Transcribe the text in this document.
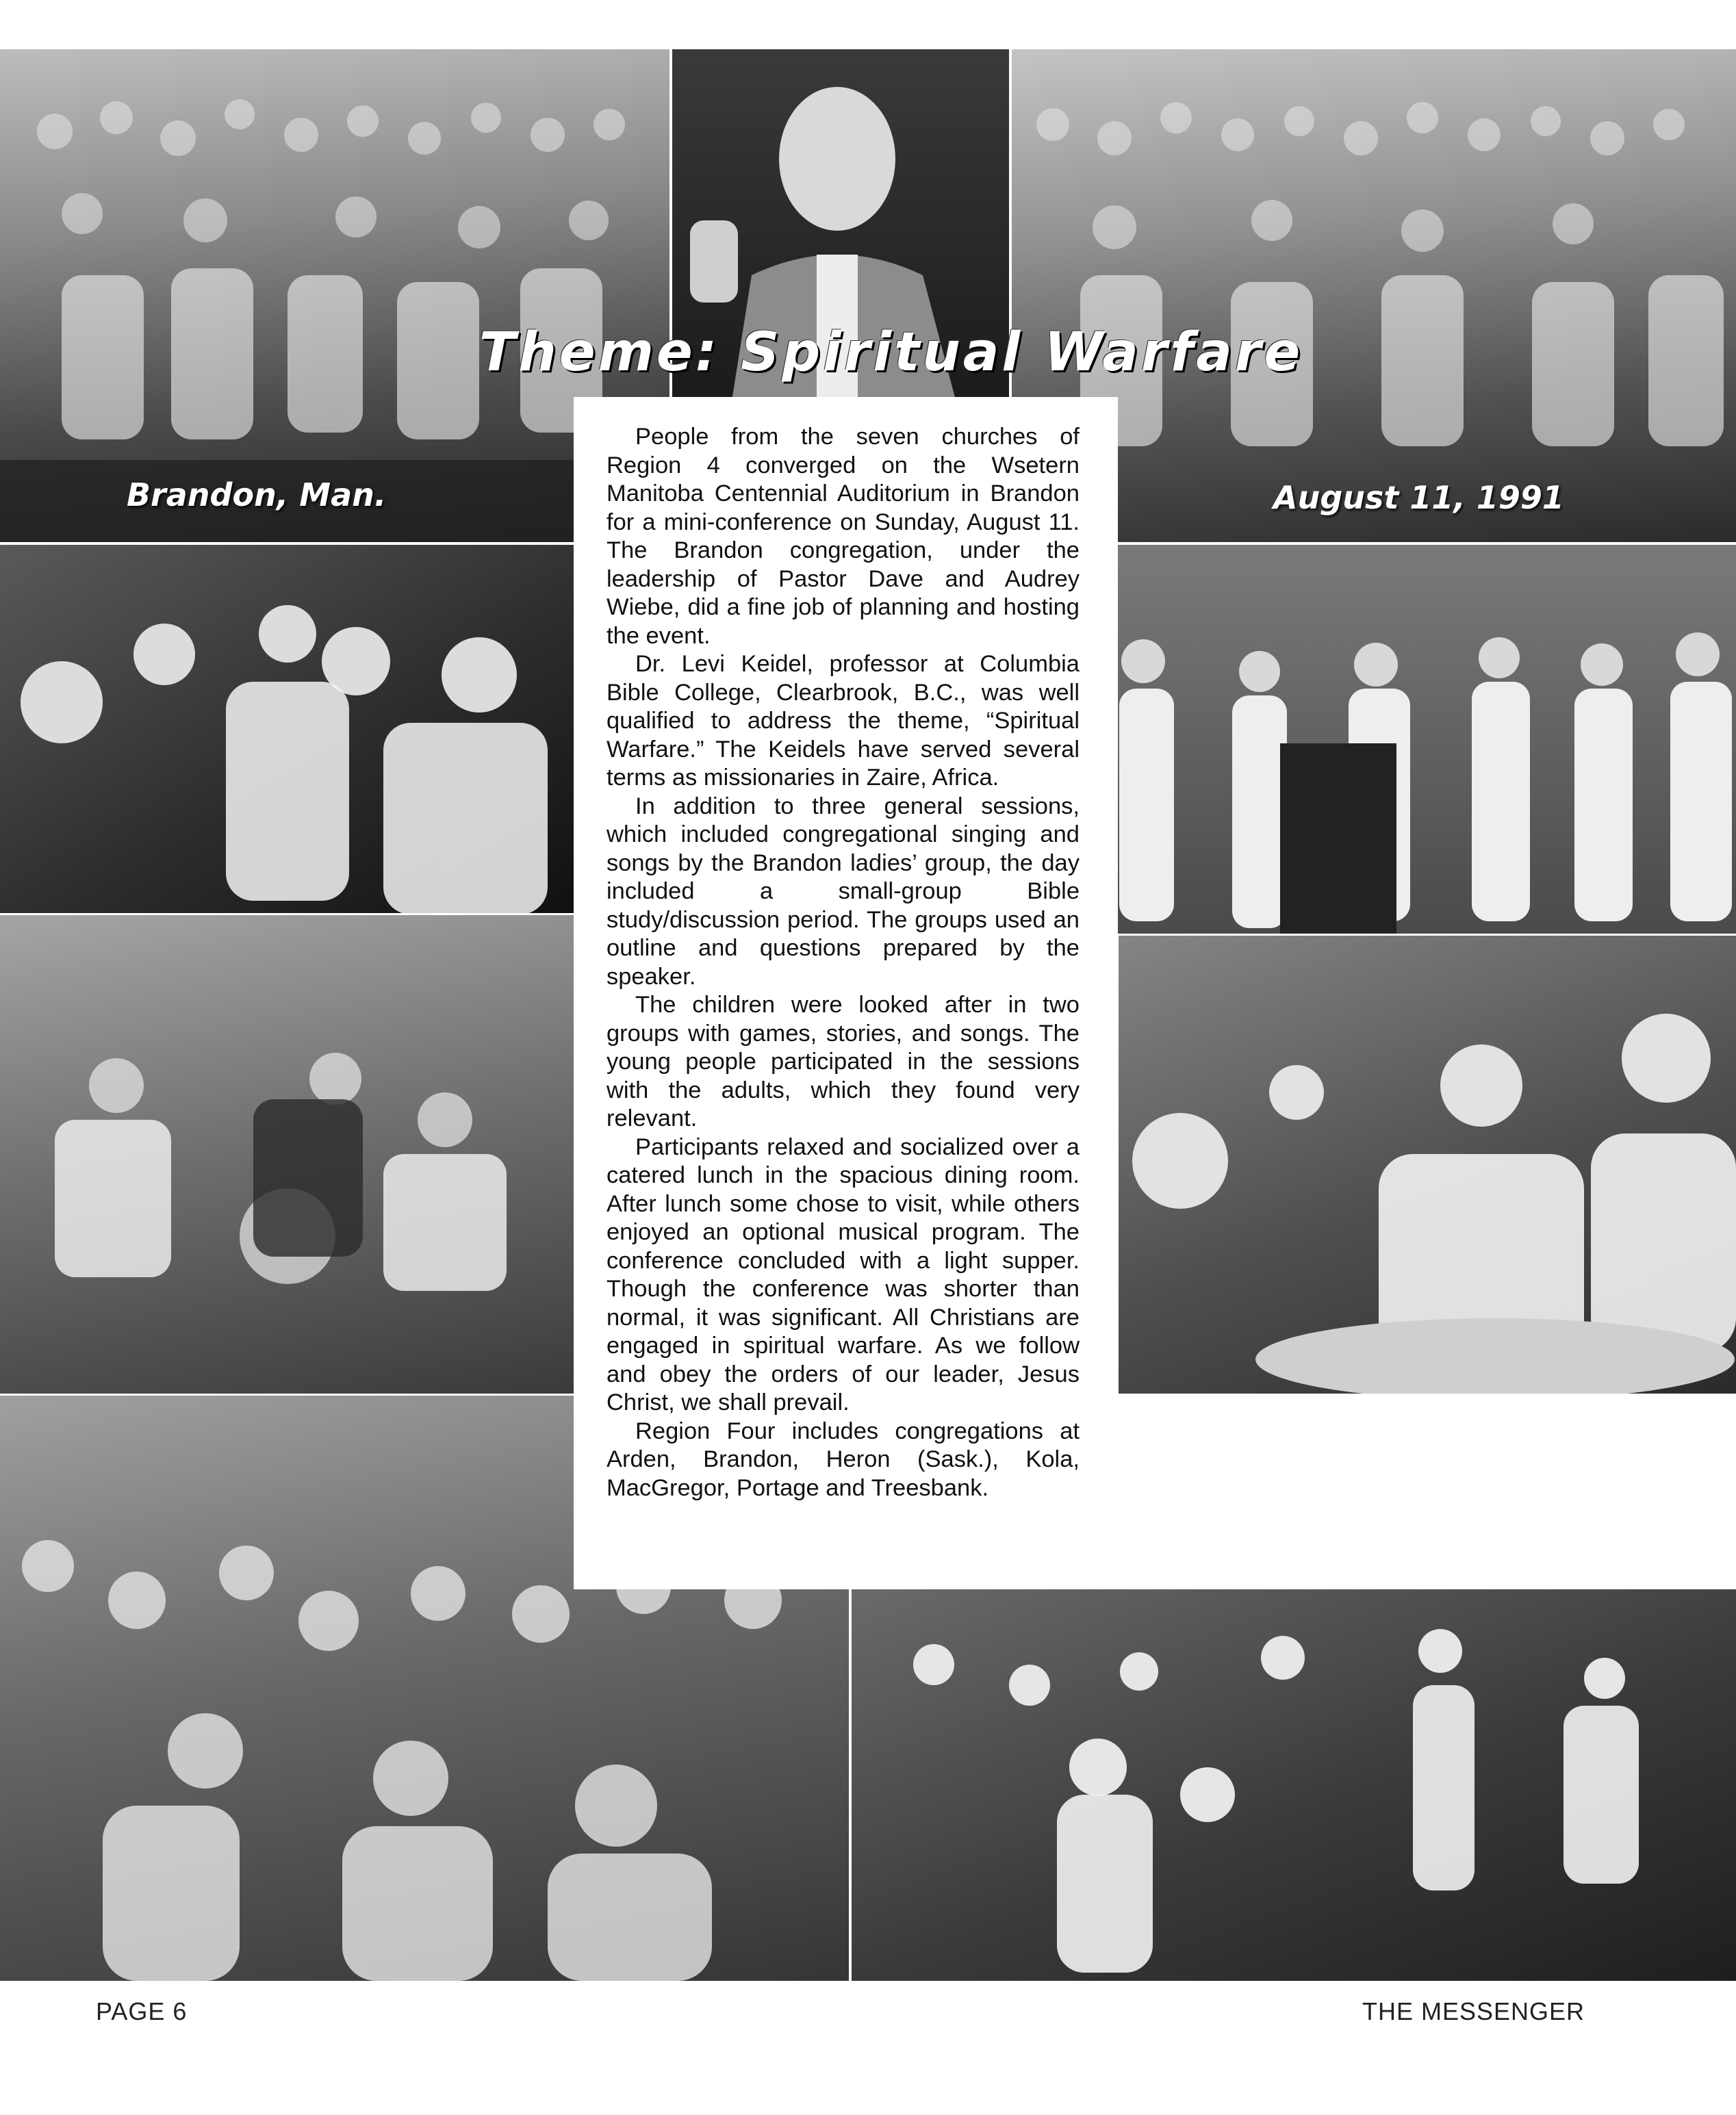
Theme: Spiritual Warfare
Brandon, Man.	August 11, 1991

People from the seven churches of Region 4 converged on the Wsetern Manitoba Centennial Auditorium in Brandon for a mini-conference on Sunday, August 11. The Brandon congregation, under the leadership of Pastor Dave and Audrey Wiebe, did a fine job of planning and hosting the event.

Dr. Levi Keidel, professor at Columbia Bible College, Clearbrook, B.C., was well qualified to address the theme, “Spiritual Warfare.” The Keidels have served several terms as missionaries in Zaire, Africa.

In addition to three general sessions, which included congregational singing and songs by the Brandon ladies’ group, the day included a small-group Bible study/discussion period. The groups used an outline and questions prepared by the speaker.

The children were looked after in two groups with games, stories, and songs. The young people participated in the sessions with the adults, which they found very relevant.

Participants relaxed and socialized over a catered lunch in the spacious dining room. After lunch some chose to visit, while others enjoyed an optional musical program. The conference concluded with a light supper. Though the conference was shorter than normal, it was significant. All Christians are engaged in spiritual warfare. As we follow and obey the orders of our leader, Jesus Christ, we shall prevail.

Region Four includes congregations at Arden, Brandon, Heron (Sask.), Kola, MacGregor, Portage and Treesbank.

PAGE 6	THE MESSENGER
